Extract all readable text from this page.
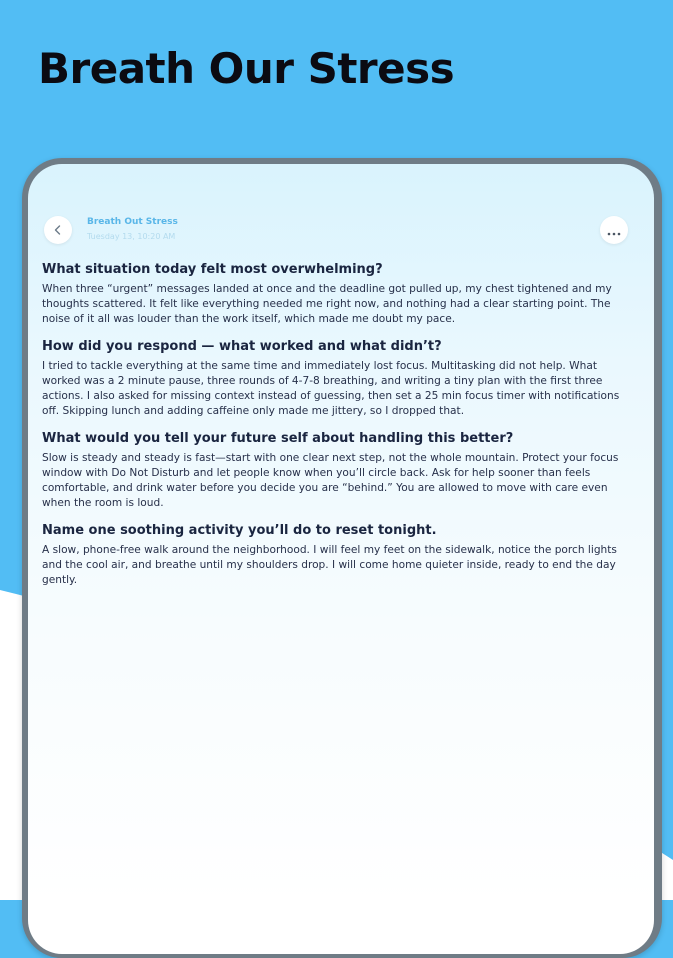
Breath Our Stress
Breath Out Stress
Tuesday 13, 10:20 AM

What situation today felt most overwhelming?

When three “urgent” messages landed at once and the deadline got pulled up, my chest tightened and my thoughts scattered. It felt like everything needed me right now, and nothing had a clear starting point. The noise of it all was louder than the work itself, which made me doubt my pace.

How did you respond — what worked and what didn’t?

I tried to tackle everything at the same time and immediately lost focus. Multitasking did not help. What worked was a 2 minute pause, three rounds of 4-7-8 breathing, and writing a tiny plan with the first three actions. I also asked for missing context instead of guessing, then set a 25 min focus timer with notifications off. Skipping lunch and adding caffeine only made me jittery, so I dropped that.

What would you tell your future self about handling this better?

Slow is steady and steady is fast—start with one clear next step, not the whole mountain. Protect your focus window with Do Not Disturb and let people know when you’ll circle back. Ask for help sooner than feels comfortable, and drink water before you decide you are “behind.” You are allowed to move with care even when the room is loud.

Name one soothing activity you’ll do to reset tonight.

A slow, phone-free walk around the neighborhood. I will feel my feet on the sidewalk, notice the porch lights and the cool air, and breathe until my shoulders drop. I will come home quieter inside, ready to end the day gently.
